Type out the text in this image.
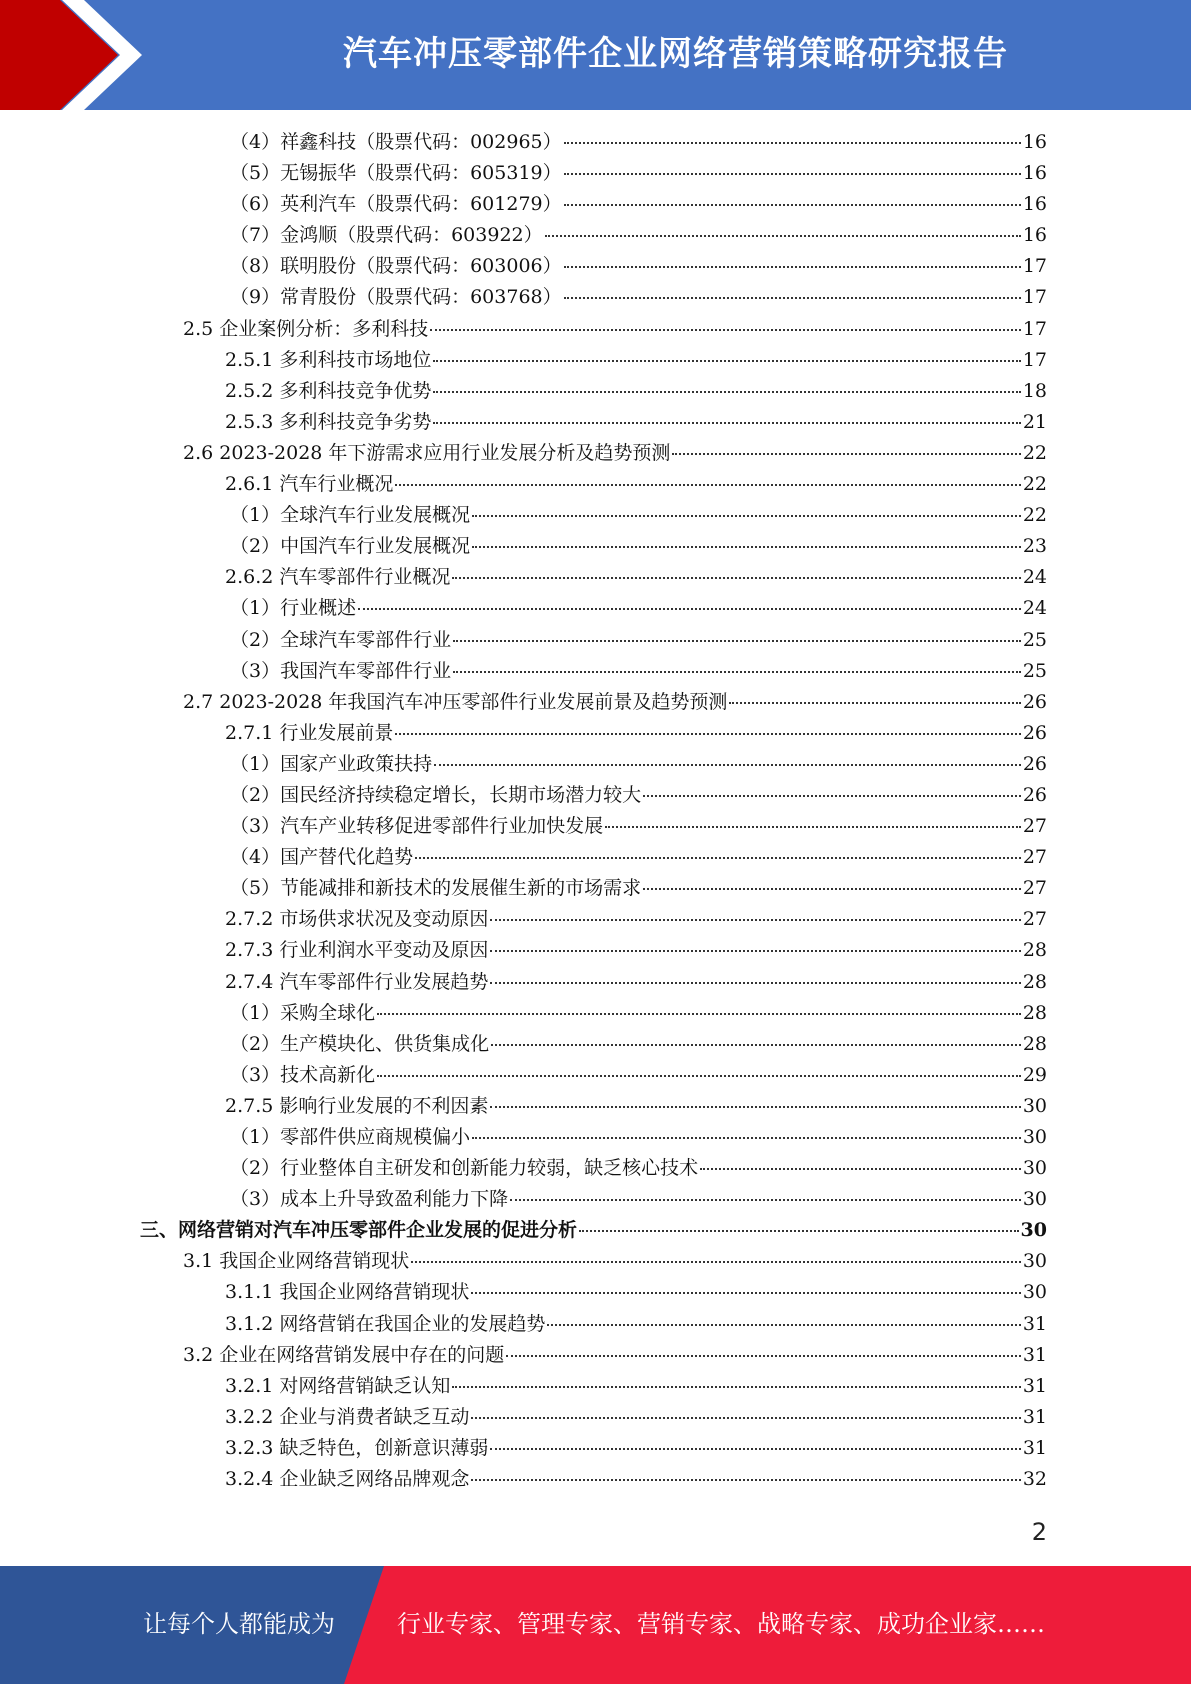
汽车冲压零部件企业网络营销策略研究报告
（4）祥鑫科技（股票代码：002965）	16
（5）无锡振华（股票代码：605319）	16
（6）英利汽车（股票代码：601279）	16
（7）金鸿顺（股票代码：603922）	16
（8）联明股份（股票代码：603006）	17
（9）常青股份（股票代码：603768）	17
2.5 企业案例分析：多利科技	17
2.5.1 多利科技市场地位	17
2.5.2 多利科技竞争优势	18
2.5.3 多利科技竞争劣势	21
2.6 2023-2028 年下游需求应用行业发展分析及趋势预测	22
2.6.1 汽车行业概况	22
（1）全球汽车行业发展概况	22
（2）中国汽车行业发展概况	23
2.6.2 汽车零部件行业概况	24
（1）行业概述	24
（2）全球汽车零部件行业	25
（3）我国汽车零部件行业	25
2.7 2023-2028 年我国汽车冲压零部件行业发展前景及趋势预测	26
2.7.1 行业发展前景	26
（1）国家产业政策扶持	26
（2）国民经济持续稳定增长，长期市场潜力较大	26
（3）汽车产业转移促进零部件行业加快发展	27
（4）国产替代化趋势	27
（5）节能减排和新技术的发展催生新的市场需求	27
2.7.2 市场供求状况及变动原因	27
2.7.3 行业利润水平变动及原因	28
2.7.4 汽车零部件行业发展趋势	28
（1）采购全球化	28
（2）生产模块化、供货集成化	28
（3）技术高新化	29
2.7.5 影响行业发展的不利因素	30
（1）零部件供应商规模偏小	30
（2）行业整体自主研发和创新能力较弱，缺乏核心技术	30
（3）成本上升导致盈利能力下降	30
三、网络营销对汽车冲压零部件企业发展的促进分析	30
3.1 我国企业网络营销现状	30
3.1.1 我国企业网络营销现状	30
3.1.2 网络营销在我国企业的发展趋势	31
3.2 企业在网络营销发展中存在的问题	31
3.2.1 对网络营销缺乏认知	31
3.2.2 企业与消费者缺乏互动	31
3.2.3 缺乏特色，创新意识薄弱	31
3.2.4 企业缺乏网络品牌观念	32
2
让每个人都能成为	行业专家、管理专家、营销专家、战略专家、成功企业家……
